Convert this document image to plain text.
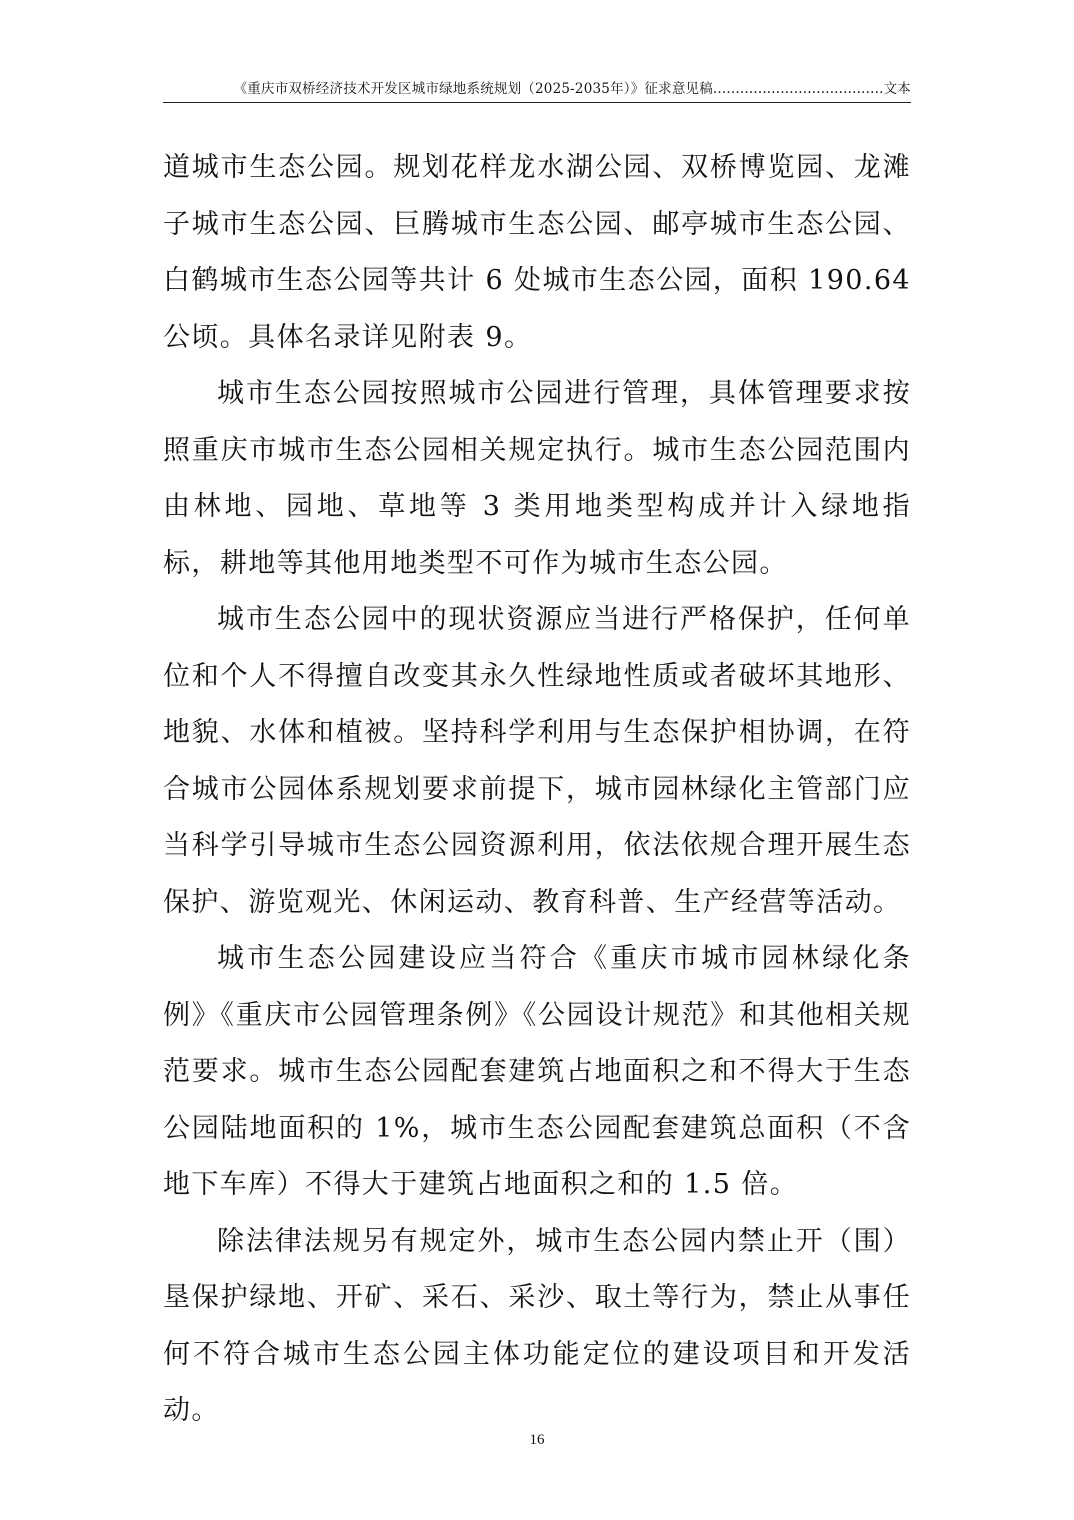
《重庆市双桥经济技术开发区城市绿地系统规划（2025-2035年）》征求意见稿......................................文本

道城市生态公园。规划花样龙水湖公园、双桥博览园、龙滩子城市生态公园、巨腾城市生态公园、邮亭城市生态公园、白鹤城市生态公园等共计 6 处城市生态公园，面积 190.64 公顷。具体名录详见附表 9。

城市生态公园按照城市公园进行管理，具体管理要求按照重庆市城市生态公园相关规定执行。城市生态公园范围内由林地、园地、草地等 3 类用地类型构成并计入绿地指标，耕地等其他用地类型不可作为城市生态公园。

城市生态公园中的现状资源应当进行严格保护，任何单位和个人不得擅自改变其永久性绿地性质或者破坏其地形、地貌、水体和植被。坚持科学利用与生态保护相协调，在符合城市公园体系规划要求前提下，城市园林绿化主管部门应当科学引导城市生态公园资源利用，依法依规合理开展生态保护、游览观光、休闲运动、教育科普、生产经营等活动。

城市生态公园建设应当符合《重庆市城市园林绿化条例》《重庆市公园管理条例》《公园设计规范》和其他相关规范要求。城市生态公园配套建筑占地面积之和不得大于生态公园陆地面积的 1%，城市生态公园配套建筑总面积（不含地下车库）不得大于建筑占地面积之和的 1.5 倍。

除法律法规另有规定外，城市生态公园内禁止开（围）垦保护绿地、开矿、采石、采沙、取土等行为，禁止从事任何不符合城市生态公园主体功能定位的建设项目和开发活动。

16
